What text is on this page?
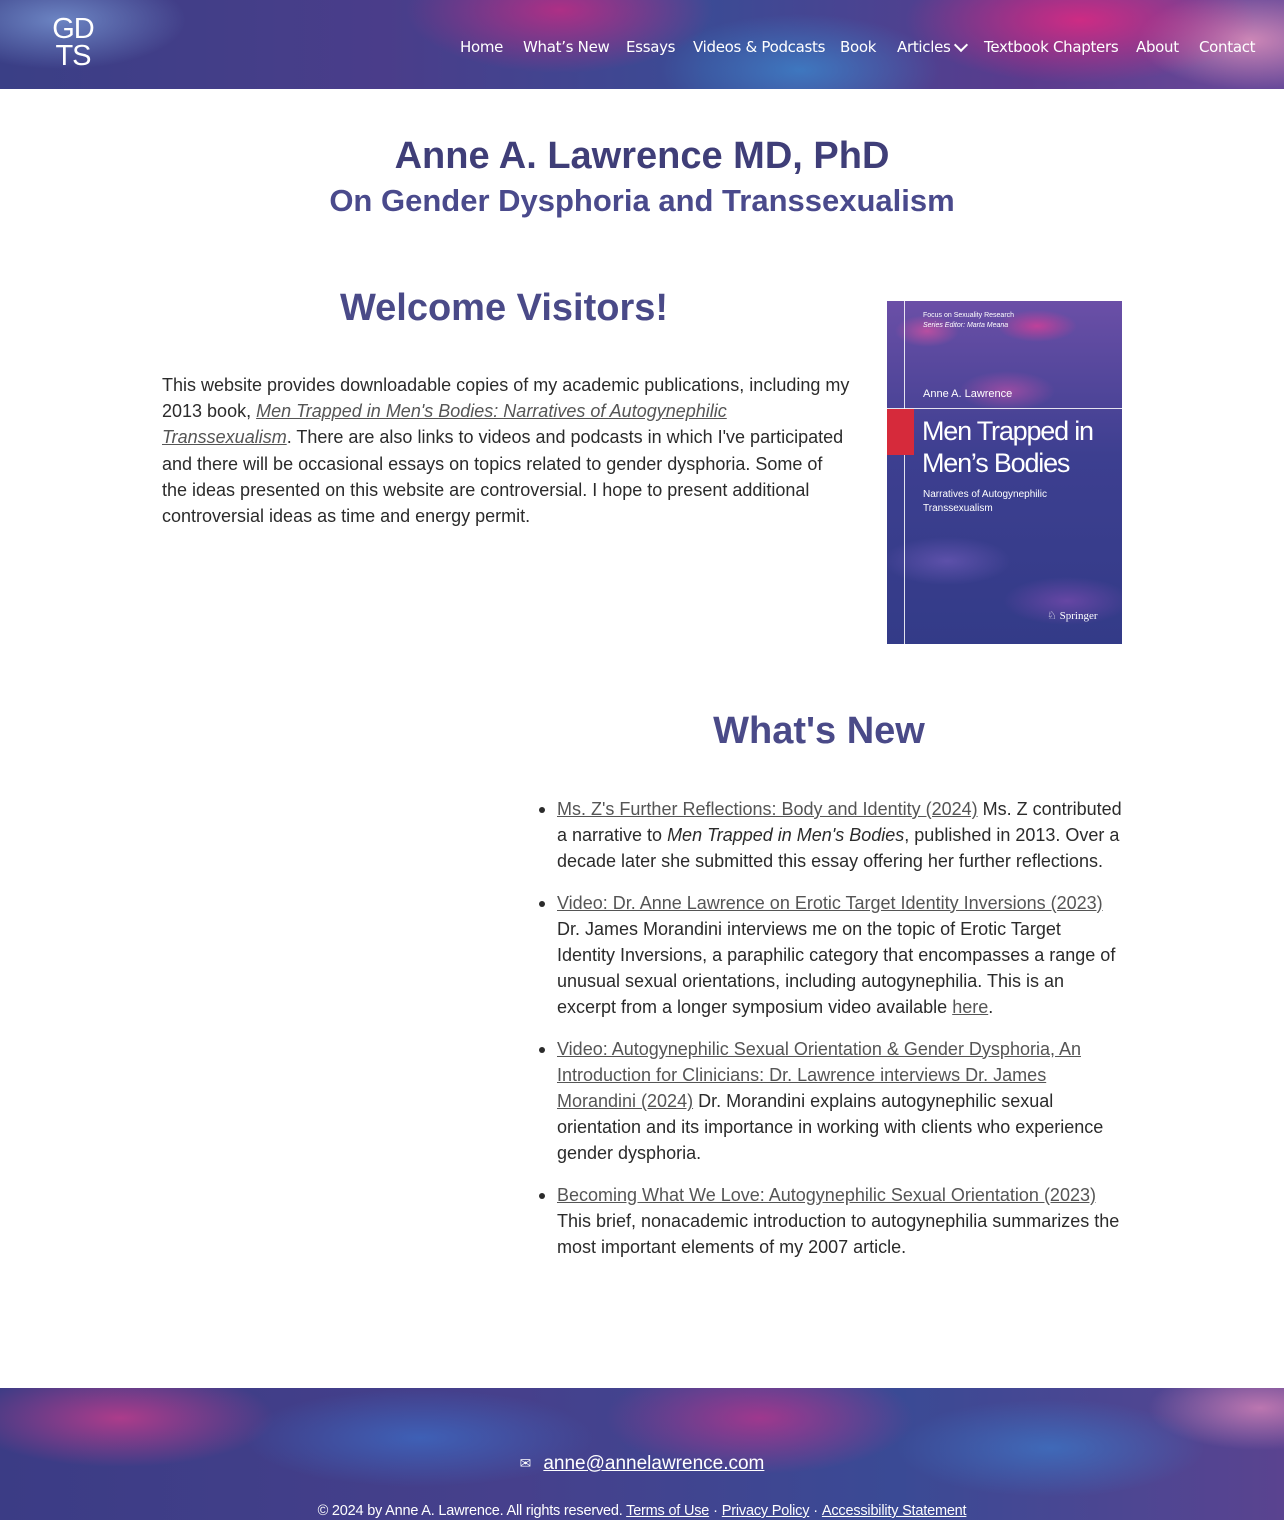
GD
TS	Home What’s New Essays Videos & Podcasts Book Articles Textbook Chapters About Contact
Anne A. Lawrence MD, PhD
On Gender Dysphoria and Transsexualism
Welcome Visitors!

This website provides downloadable copies of my academic publications, including my 2013 book, Men Trapped in Men's Bodies: Narratives of Autogynephilic Transsexualism. There are also links to videos and podcasts in which I've participated and there will be occasional essays on topics related to gender dysphoria. Some of the ideas presented on this website are controversial. I hope to present additional controversial ideas as time and energy permit.

Focus on Sexuality Research
Series Editor: Marta Meana
Anne A. Lawrence
Men Trapped in Men’s Bodies
Narratives of Autogynephilic Transsexualism
♘ Springer
What's New
• Ms. Z's Further Reflections: Body and Identity (2024) Ms. Z contributed a narrative to Men Trapped in Men's Bodies, published in 2013. Over a decade later she submitted this essay offering her further reflections.
• Video: Dr. Anne Lawrence on Erotic Target Identity Inversions (2023) Dr. James Morandini interviews me on the topic of Erotic Target Identity Inversions, a paraphilic category that encompasses a range of unusual sexual orientations, including autogynephilia. This is an excerpt from a longer symposium video available here.
• Video: Autogynephilic Sexual Orientation & Gender Dysphoria, An Introduction for Clinicians: Dr. Lawrence interviews Dr. James Morandini (2024) Dr. Morandini explains autogynephilic sexual orientation and its importance in working with clients who experience gender dysphoria.
• Becoming What We Love: Autogynephilic Sexual Orientation (2023) This brief, nonacademic introduction to autogynephilia summarizes the most important elements of my 2007 article.
✉ anne@annelawrence.com
© 2024 by Anne A. Lawrence. All rights reserved. Terms of Use · Privacy Policy · Accessibility Statement
